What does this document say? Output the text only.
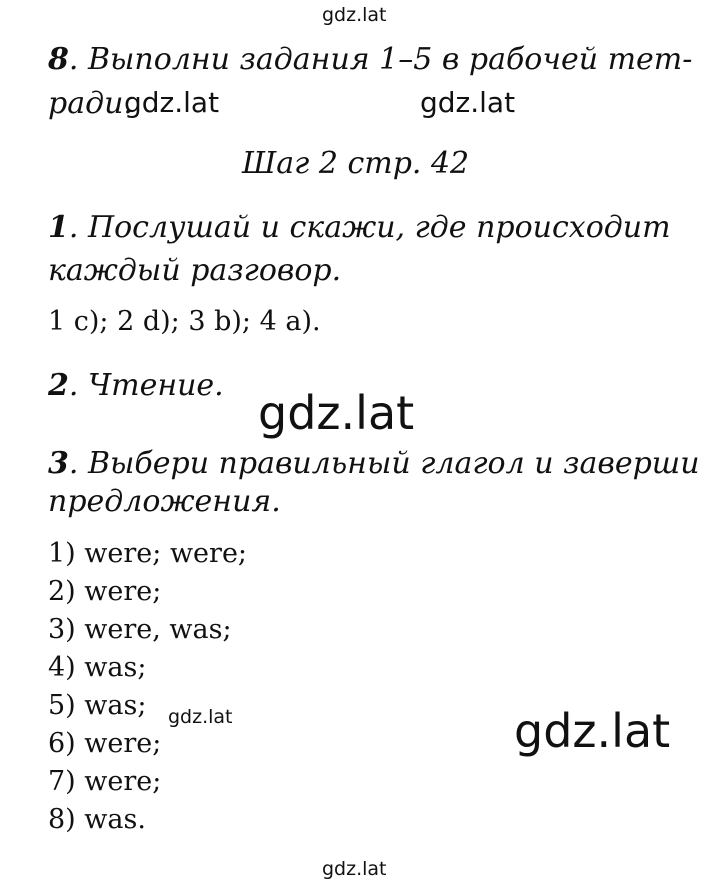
gdz.lat
8. Выполни задания 1–5 в рабочей тет-
ради.
gdz.lat	gdz.lat
Шаг 2 стр. 42
1. Послушай и скажи, где происходит
каждый разговор.
1 c); 2 d); 3 b); 4 a).
2. Чтение.
gdz.lat
3. Выбери правильный глагол и заверши
предложения.
1) were; were;
2) were;
3) were, was;
4) was;
5) was;
6) were;
7) were;
8) was.
gdz.lat	gdz.lat
gdz.lat
